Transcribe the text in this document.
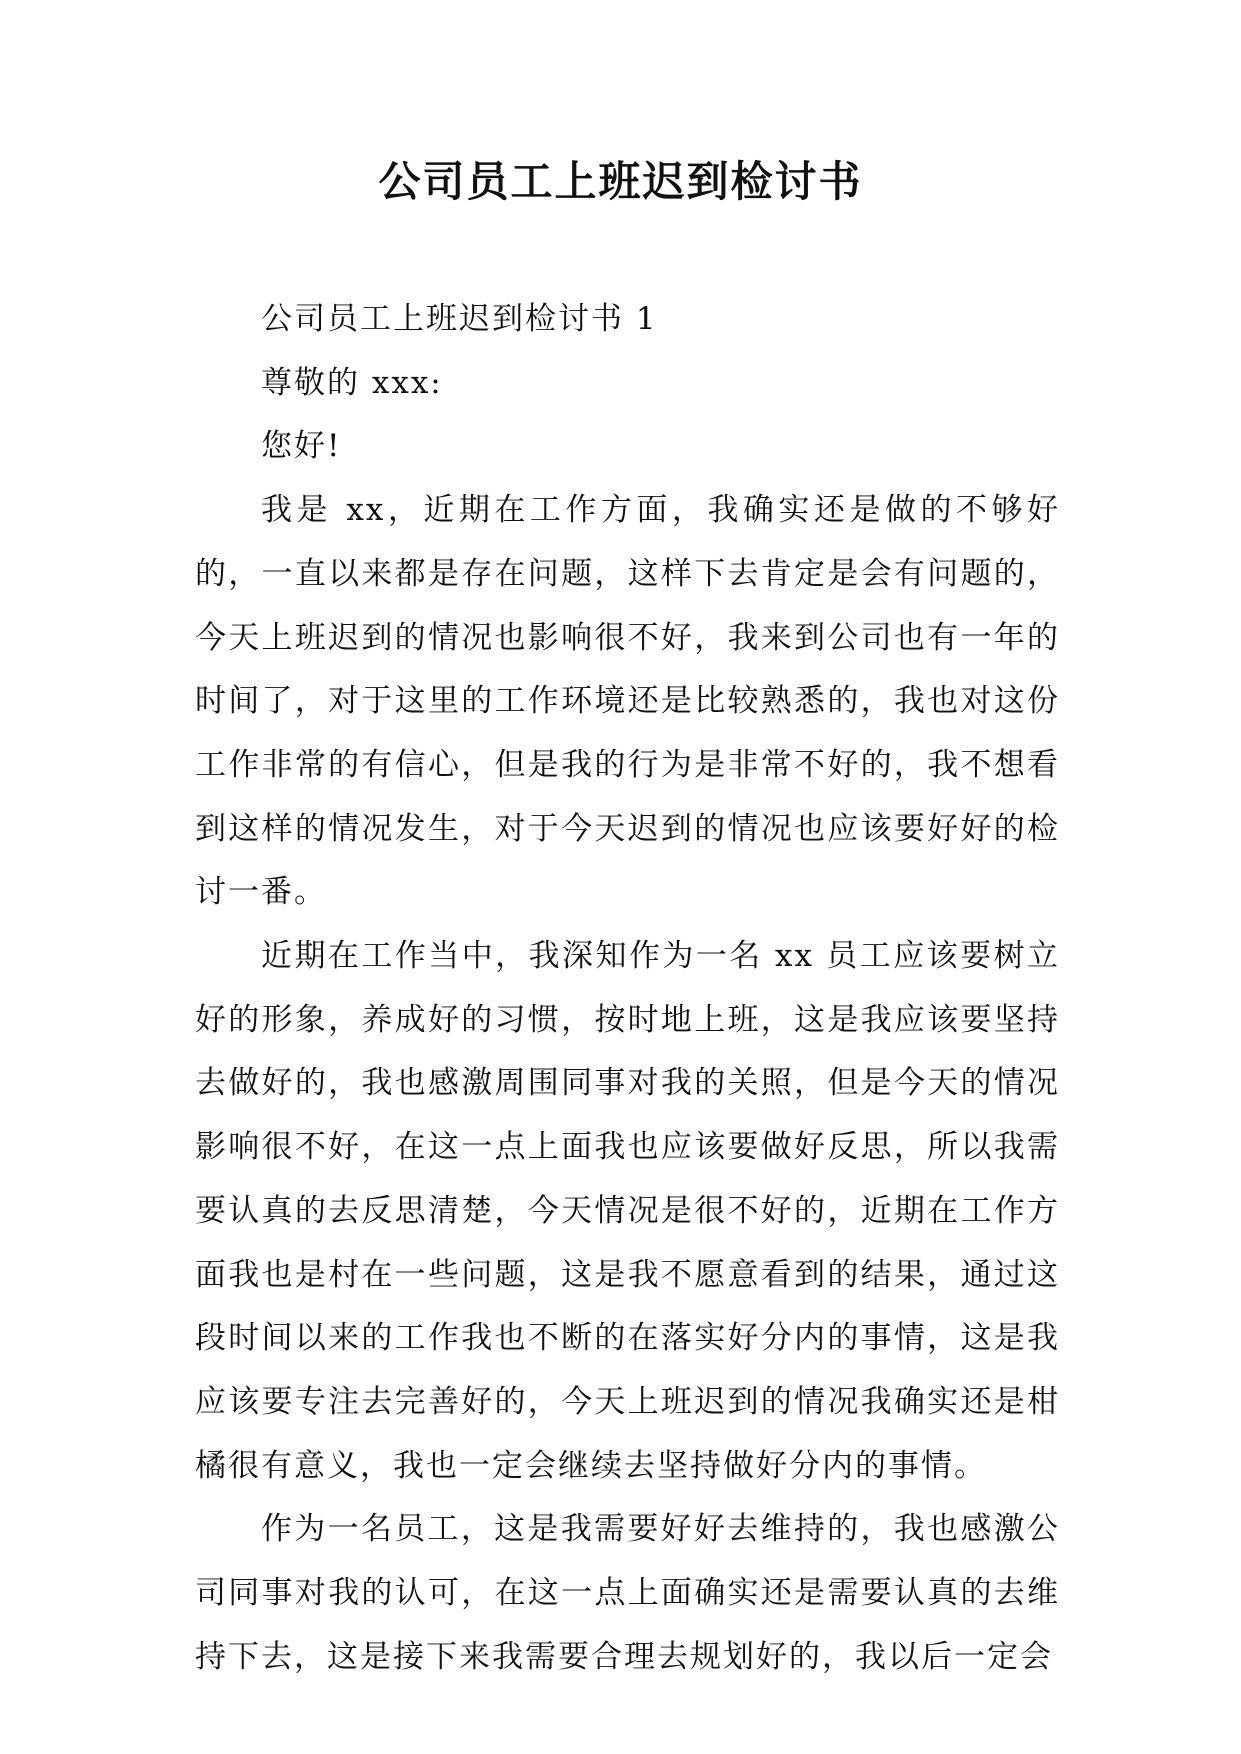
公司员工上班迟到检讨书

公司员工上班迟到检讨书 1

尊敬的 xxx:

您好!

我是 xx，近期在工作方面，我确实还是做的不够好的，一直以来都是存在问题，这样下去肯定是会有问题的，今天上班迟到的情况也影响很不好，我来到公司也有一年的时间了，对于这里的工作环境还是比较熟悉的，我也对这份工作非常的有信心，但是我的行为是非常不好的，我不想看到这样的情况发生，对于今天迟到的情况也应该要好好的检讨一番。

近期在工作当中，我深知作为一名 xx 员工应该要树立好的形象，养成好的习惯，按时地上班，这是我应该要坚持去做好的，我也感激周围同事对我的关照，但是今天的情况影响很不好，在这一点上面我也应该要做好反思，所以我需要认真的去反思清楚，今天情况是很不好的，近期在工作方面我也是村在一些问题，这是我不愿意看到的结果，通过这段时间以来的工作我也不断的在落实好分内的事情，这是我应该要专注去完善好的，今天上班迟到的情况我确实还是柑橘很有意义，我也一定会继续去坚持做好分内的事情。

作为一名员工，这是我需要好好去维持的，我也感激公司同事对我的认可，在这一点上面确实还是需要认真的去维持下去，这是接下来我需要合理去规划好的，我以后一定会
